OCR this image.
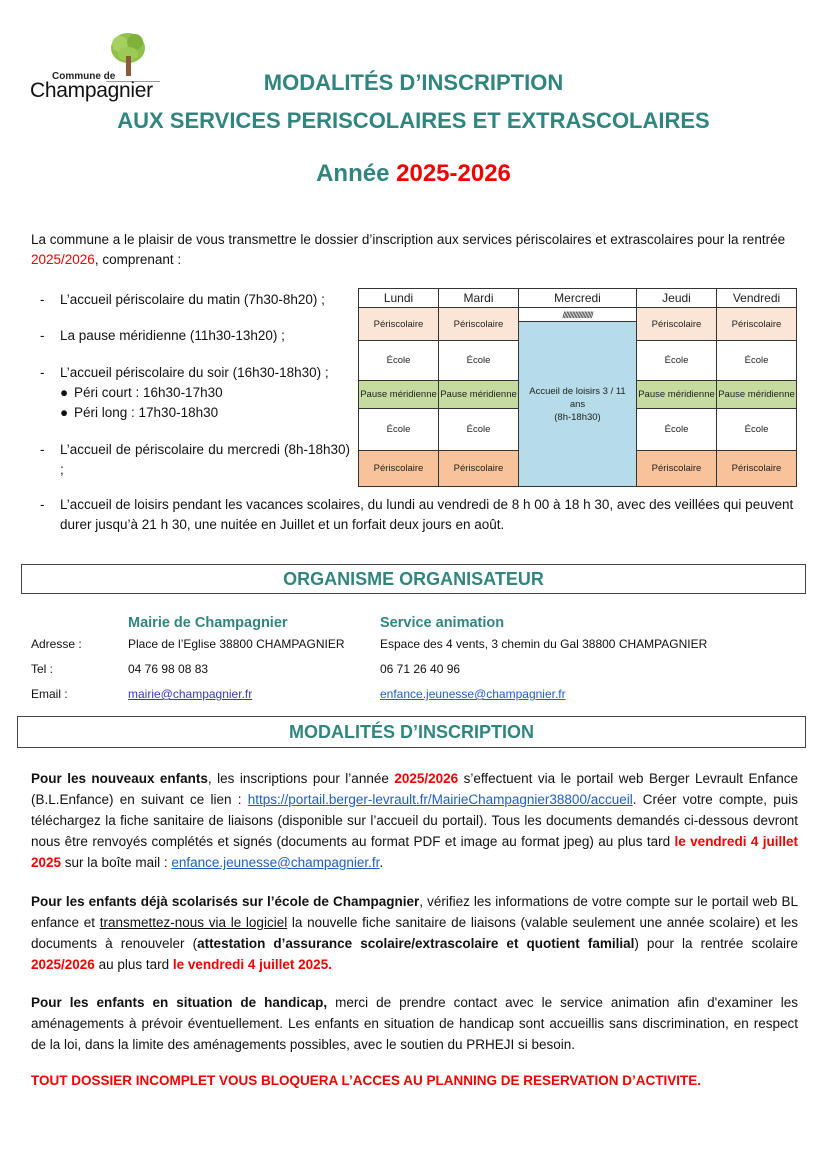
Commune de
Champagnier	MODALITÉS D’INSCRIPTION
AUX SERVICES PERISCOLAIRES ET EXTRASCOLAIRES
Année 2025-2026
La commune a le plaisir de vous transmettre le dossier d’inscription aux services périscolaires et extrascolaires pour la rentrée 2025/2026, comprenant :
- L’accueil périscolaire du matin (7h30-8h20) ;
- La pause méridienne (11h30-13h20) ;
- L’accueil périscolaire du soir (16h30-18h30) ;
● Péri court : 16h30-17h30
● Péri long : 17h30-18h30
- L’accueil de périscolaire du mercredi (8h-18h30) ;
Lundi	Mardi	Mercredi	Jeudi	Vendredi
Périscolaire	Périscolaire	////////////////////	Périscolaire	Périscolaire

		Accueil de loisirs 3 / 11
ans
(8h-18h30)		

École	École		École	École
Pause méridienne	Pause méridienne		Pause méridienne	Pause méridienne
École	École		École	École
Périscolaire	Périscolaire		Périscolaire	Périscolaire
- L’accueil de loisirs pendant les vacances scolaires, du lundi au vendredi de 8 h 00 à 18 h 30, avec des veillées qui peuvent durer jusqu’à 21 h 30, une nuitée en Juillet et un forfait deux jours en août.
ORGANISME ORGANISATEUR
Mairie de Champagnier	Service animation
Adresse :	Place de l’Eglise 38800 CHAMPAGNIER	Espace des 4 vents, 3 chemin du Gal 38800 CHAMPAGNIER
Tel :	04 76 98 08 83	06 71 26 40 96
Email :	mairie@champagnier.fr	enfance.jeunesse@champagnier.fr
MODALITÉS D’INSCRIPTION
Pour les nouveaux enfants, les inscriptions pour l’année 2025/2026 s’effectuent via le portail web Berger Levrault Enfance (B.L.Enfance) en suivant ce lien : https://portail.berger-levrault.fr/MairieChampagnier38800/accueil. Créer votre compte, puis téléchargez la fiche sanitaire de liaisons (disponible sur l’accueil du portail). Tous les documents demandés ci-dessous devront nous être renvoyés complétés et signés (documents au format PDF et image au format jpeg) au plus tard le vendredi 4 juillet 2025 sur la boîte mail : enfance.jeunesse@champagnier.fr.
Pour les enfants déjà scolarisés sur l’école de Champagnier, vérifiez les informations de votre compte sur le portail web BL enfance et transmettez-nous via le logiciel la nouvelle fiche sanitaire de liaisons (valable seulement une année scolaire) et les documents à renouveler (attestation d’assurance scolaire/extrascolaire et quotient familial) pour la rentrée scolaire 2025/2026 au plus tard le vendredi 4 juillet 2025.
Pour les enfants en situation de handicap, merci de prendre contact avec le service animation afin d'examiner les aménagements à prévoir éventuellement. Les enfants en situation de handicap sont accueillis sans discrimination, en respect de la loi, dans la limite des aménagements possibles, avec le soutien du PRHEJI si besoin.
TOUT DOSSIER INCOMPLET VOUS BLOQUERA L’ACCES AU PLANNING DE RESERVATION D’ACTIVITE.
